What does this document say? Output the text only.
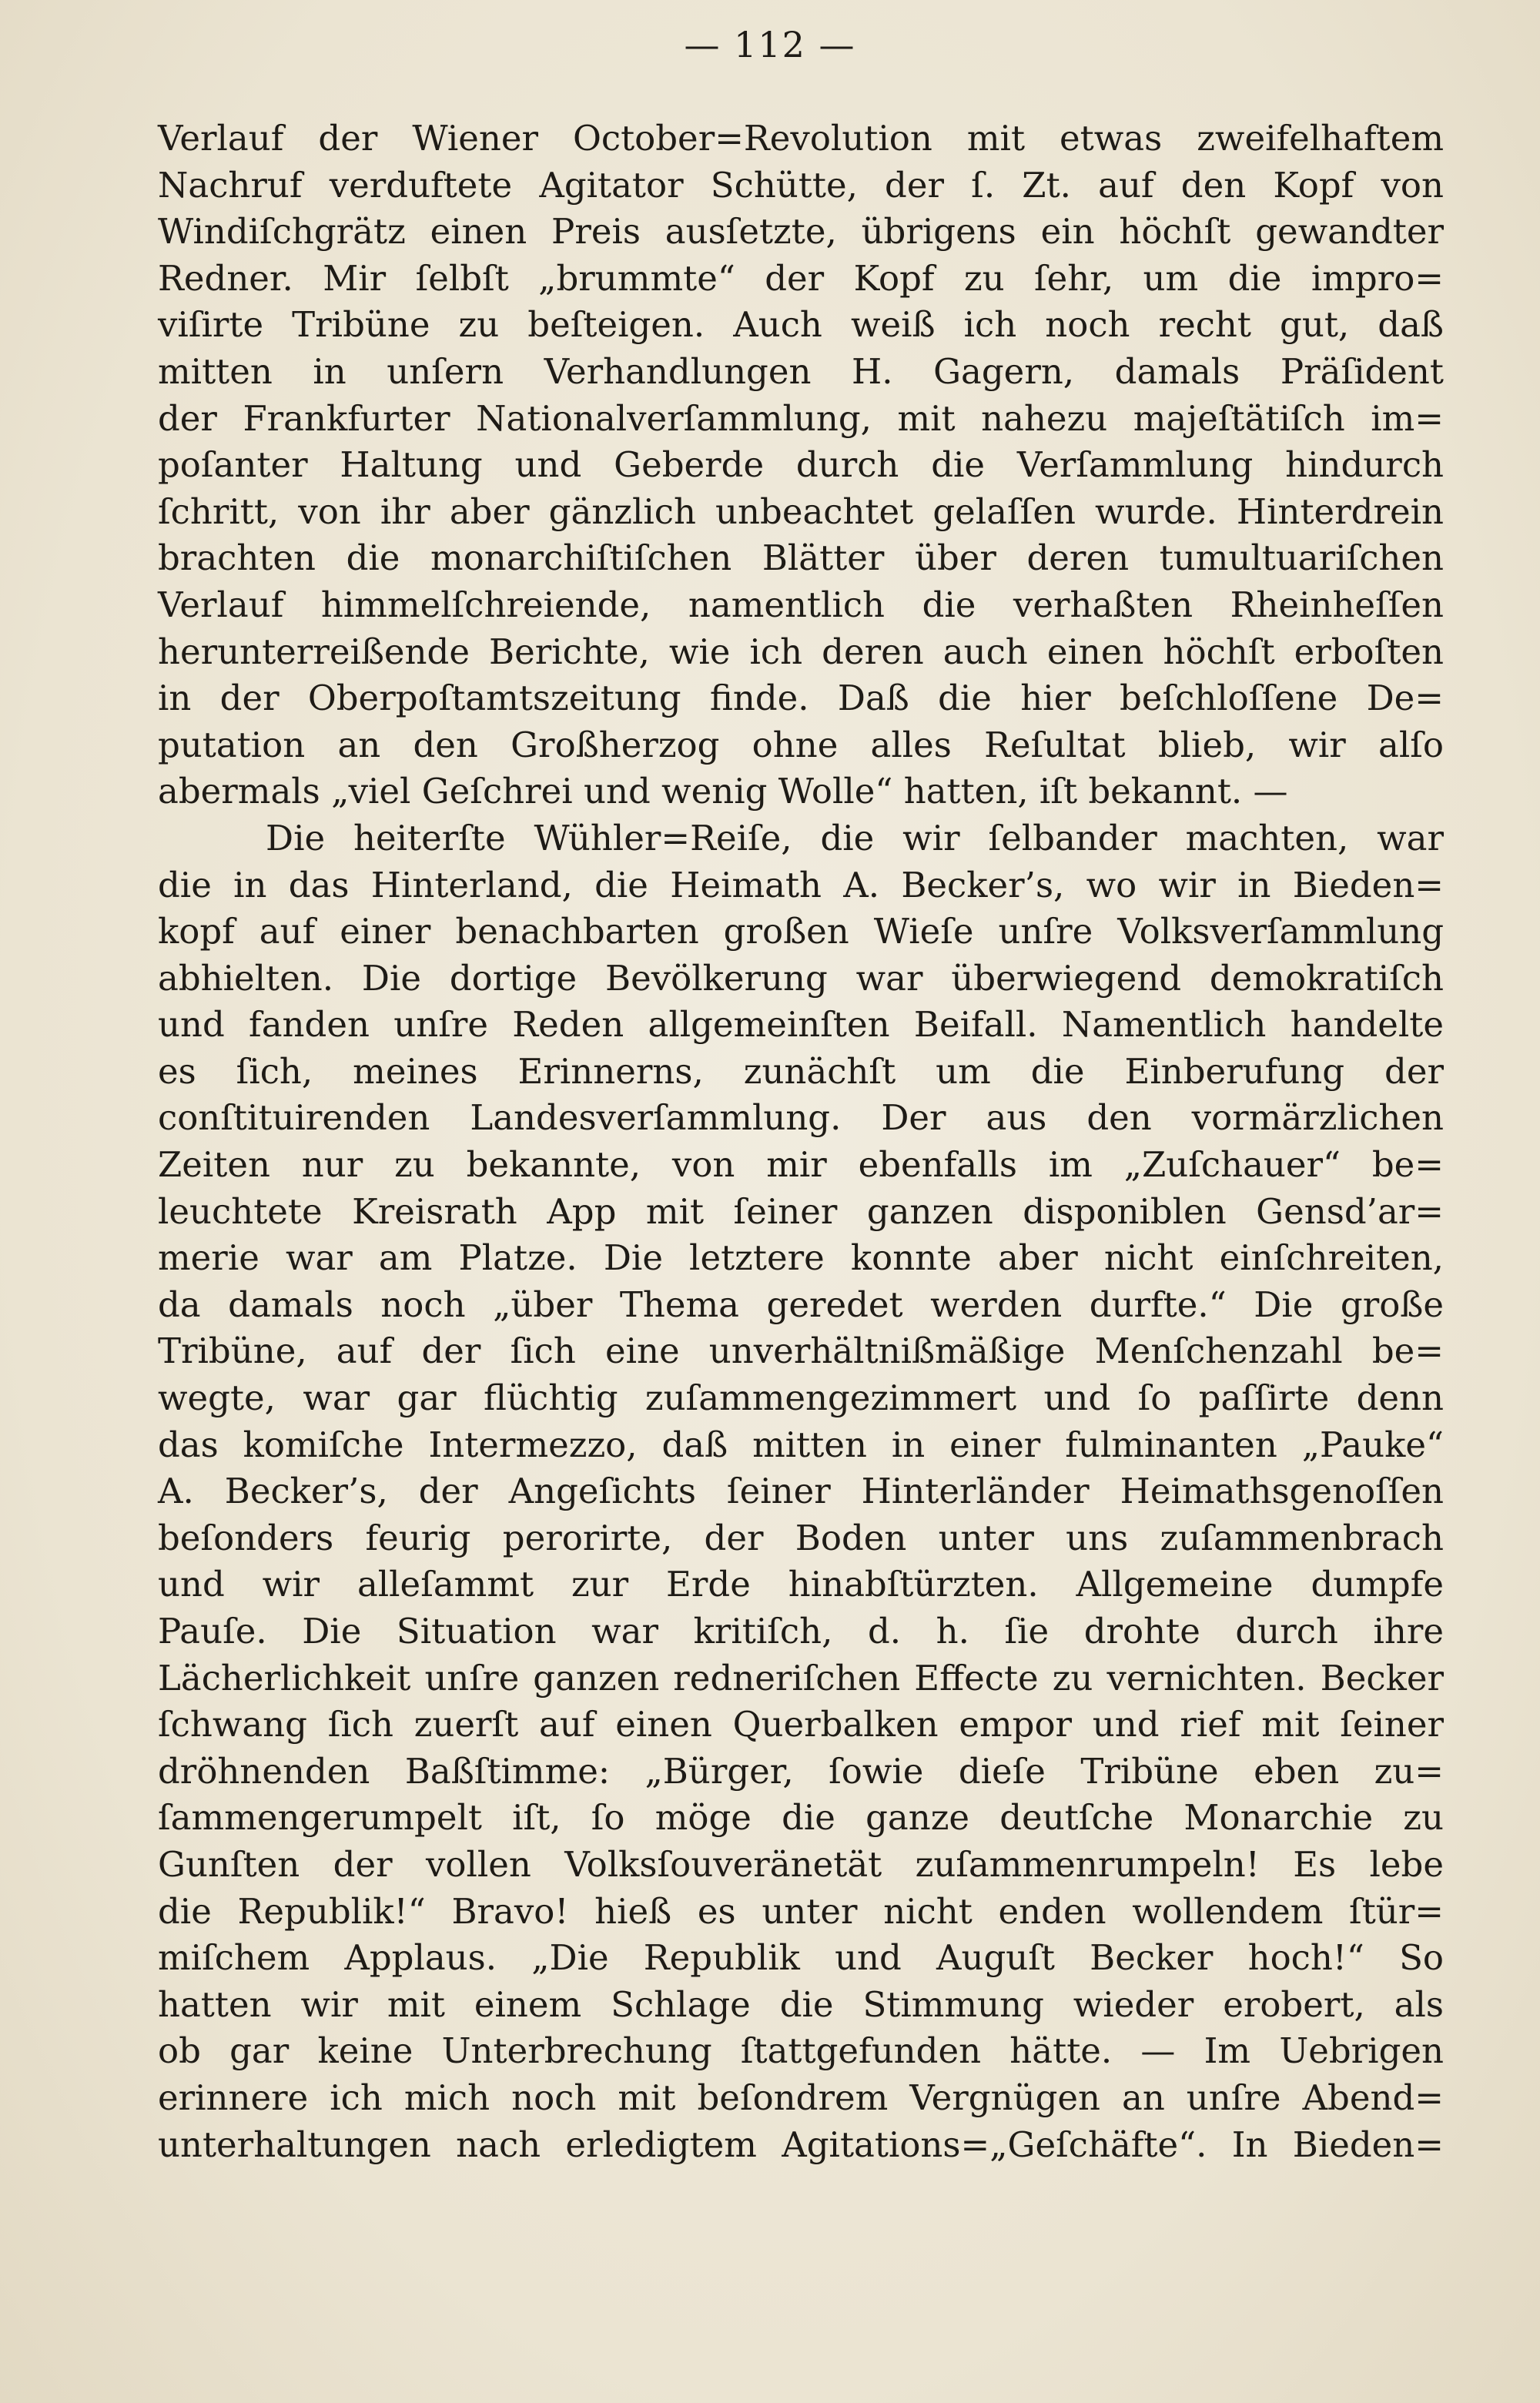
— 112 —
Verlauf der Wiener October=Revolution mit etwas zweifelhaftem
Nachruf verduftete Agitator Schütte, der ſ. Zt. auf den Kopf von
Windiſchgrätz einen Preis ausſetzte, übrigens ein höchſt gewandter
Redner. Mir ſelbſt „brummte“ der Kopf zu ſehr, um die impro=
viſirte Tribüne zu beſteigen. Auch weiß ich noch recht gut, daß
mitten in unſern Verhandlungen H. Gagern, damals Präſident
der Frankfurter Nationalverſammlung, mit nahezu majeſtätiſch im=
poſanter Haltung und Geberde durch die Verſammlung hindurch
ſchritt, von ihr aber gänzlich unbeachtet gelaſſen wurde. Hinterdrein
brachten die monarchiſtiſchen Blätter über deren tumultuariſchen
Verlauf himmelſchreiende, namentlich die verhaßten Rheinheſſen
herunterreißende Berichte, wie ich deren auch einen höchſt erboſten
in der Oberpoſtamtszeitung finde. Daß die hier beſchloſſene De=
putation an den Großherzog ohne alles Reſultat blieb, wir alſo
abermals „viel Geſchrei und wenig Wolle“ hatten, iſt bekannt. —
Die heiterſte Wühler=Reiſe, die wir ſelbander machten, war
die in das Hinterland, die Heimath A. Becker’s, wo wir in Bieden=
kopf auf einer benachbarten großen Wieſe unſre Volksverſammlung
abhielten. Die dortige Bevölkerung war überwiegend demokratiſch
und fanden unſre Reden allgemeinſten Beifall. Namentlich handelte
es ſich, meines Erinnerns, zunächſt um die Einberufung der
conſtituirenden Landesverſammlung. Der aus den vormärzlichen
Zeiten nur zu bekannte, von mir ebenfalls im „Zuſchauer“ be=
leuchtete Kreisrath App mit ſeiner ganzen disponiblen Gensd’ar=
merie war am Platze. Die letztere konnte aber nicht einſchreiten,
da damals noch „über Thema geredet werden durfte.“ Die große
Tribüne, auf der ſich eine unverhältnißmäßige Menſchenzahl be=
wegte, war gar flüchtig zuſammengezimmert und ſo paſſirte denn
das komiſche Intermezzo, daß mitten in einer fulminanten „Pauke“
A. Becker’s, der Angeſichts ſeiner Hinterländer Heimathsgenoſſen
beſonders feurig perorirte, der Boden unter uns zuſammenbrach
und wir alleſammt zur Erde hinabſtürzten. Allgemeine dumpfe
Pauſe. Die Situation war kritiſch, d. h. ſie drohte durch ihre
Lächerlichkeit unſre ganzen redneriſchen Effecte zu vernichten. Becker
ſchwang ſich zuerſt auf einen Querbalken empor und rief mit ſeiner
dröhnenden Baßſtimme: „Bürger, ſowie dieſe Tribüne eben zu=
ſammengerumpelt iſt, ſo möge die ganze deutſche Monarchie zu
Gunſten der vollen Volksſouveränetät zuſammenrumpeln! Es lebe
die Republik!“ Bravo! hieß es unter nicht enden wollendem ſtür=
miſchem Applaus. „Die Republik und Auguſt Becker hoch!“ So
hatten wir mit einem Schlage die Stimmung wieder erobert, als
ob gar keine Unterbrechung ſtattgefunden hätte. — Im Uebrigen
erinnere ich mich noch mit beſondrem Vergnügen an unſre Abend=
unterhaltungen nach erledigtem Agitations=„Geſchäfte“. In Bieden=
